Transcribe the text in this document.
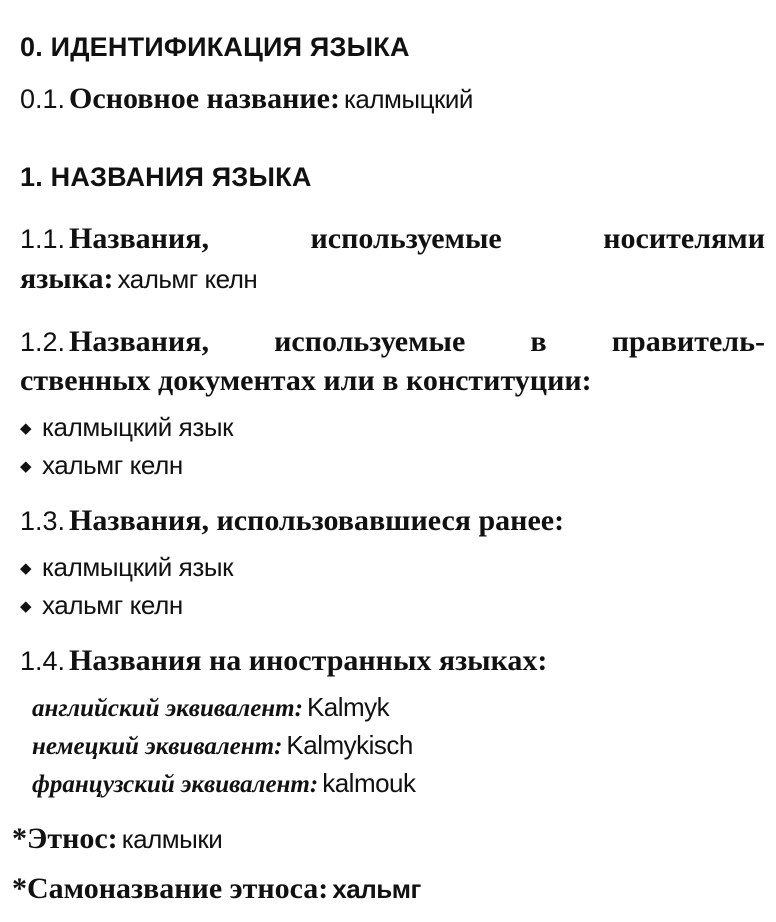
0. ИДЕНТИФИКАЦИЯ ЯЗЫКА
0.1. Основное название: калмыцкий
1. НАЗВАНИЯ ЯЗЫКА
1.1. Названия,	используемые	носителями
языка: хальмг келн
1.2. Названия, используемые в правитель-
ственных документах или в конституции:
◆ калмыцкий язык
◆ хальмг келн
1.3. Названия, использовавшиеся ранее:
◆ калмыцкий язык
◆ хальмг келн
1.4. Названия на иностранных языках:
английский эквивалент: Kalmyk
немецкий эквивалент: Kalmykisch
французский эквивалент: kalmouk
*Этнос: калмыки
*Самоназвание этноса: хальмг
